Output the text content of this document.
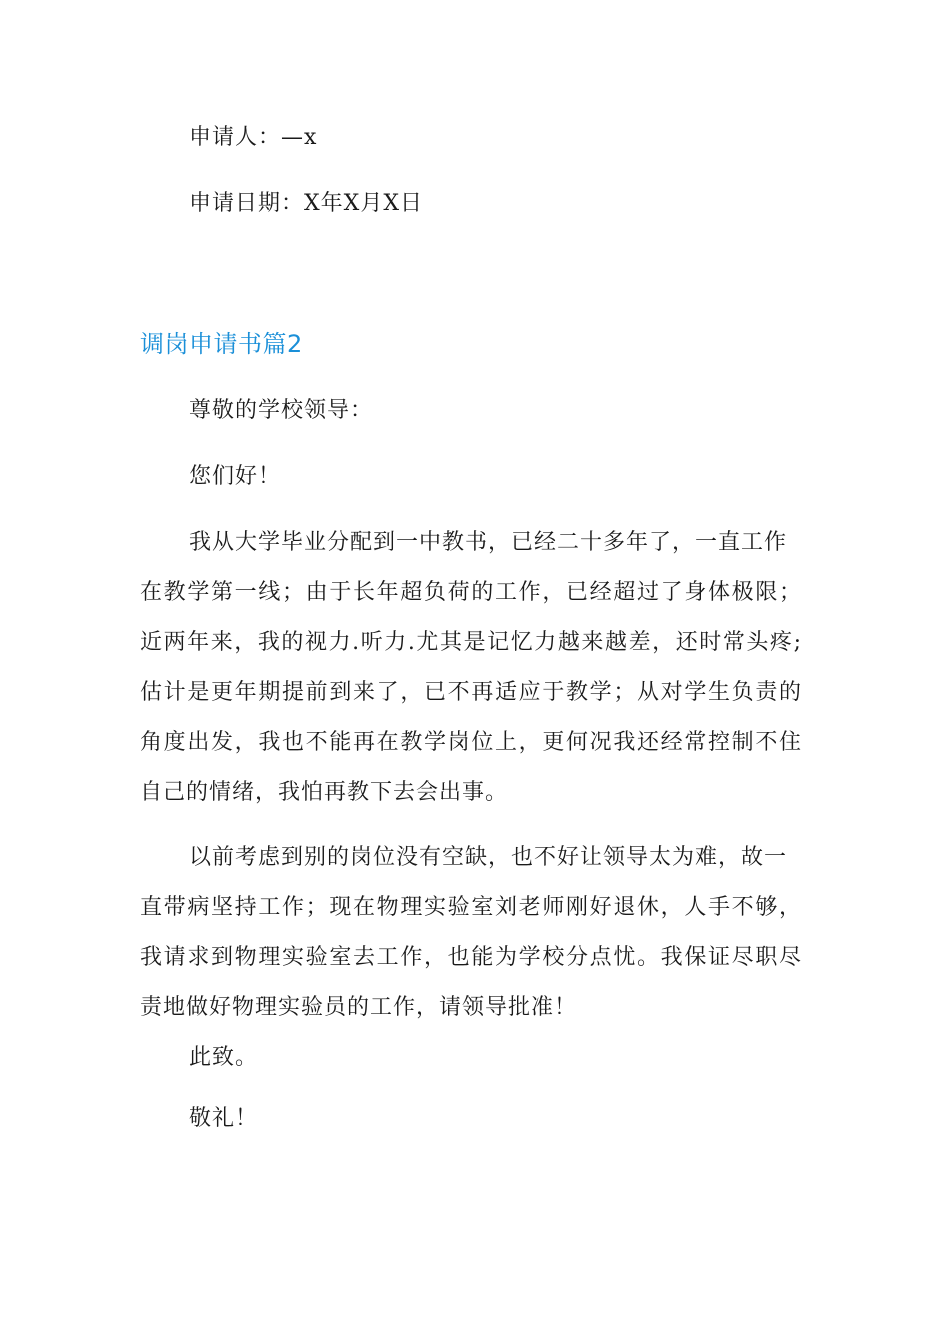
申请人：—x
申请日期：X年X月X日
调岗申请书篇2
尊敬的学校领导：
您们好！
我从大学毕业分配到一中教书，已经二十多年了，一直工作
在教学第一线；由于长年超负荷的工作，已经超过了身体极限；
近两年来，我的视力.听力.尤其是记忆力越来越差，还时常头疼;
估计是更年期提前到来了，已不再适应于教学；从对学生负责的
角度出发，我也不能再在教学岗位上，更何况我还经常控制不住
自己的情绪，我怕再教下去会出事。
以前考虑到别的岗位没有空缺，也不好让领导太为难，故一
直带病坚持工作；现在物理实验室刘老师刚好退休，人手不够，
我请求到物理实验室去工作，也能为学校分点忧。我保证尽职尽
责地做好物理实验员的工作，请领导批准！
此致。
敬礼！
